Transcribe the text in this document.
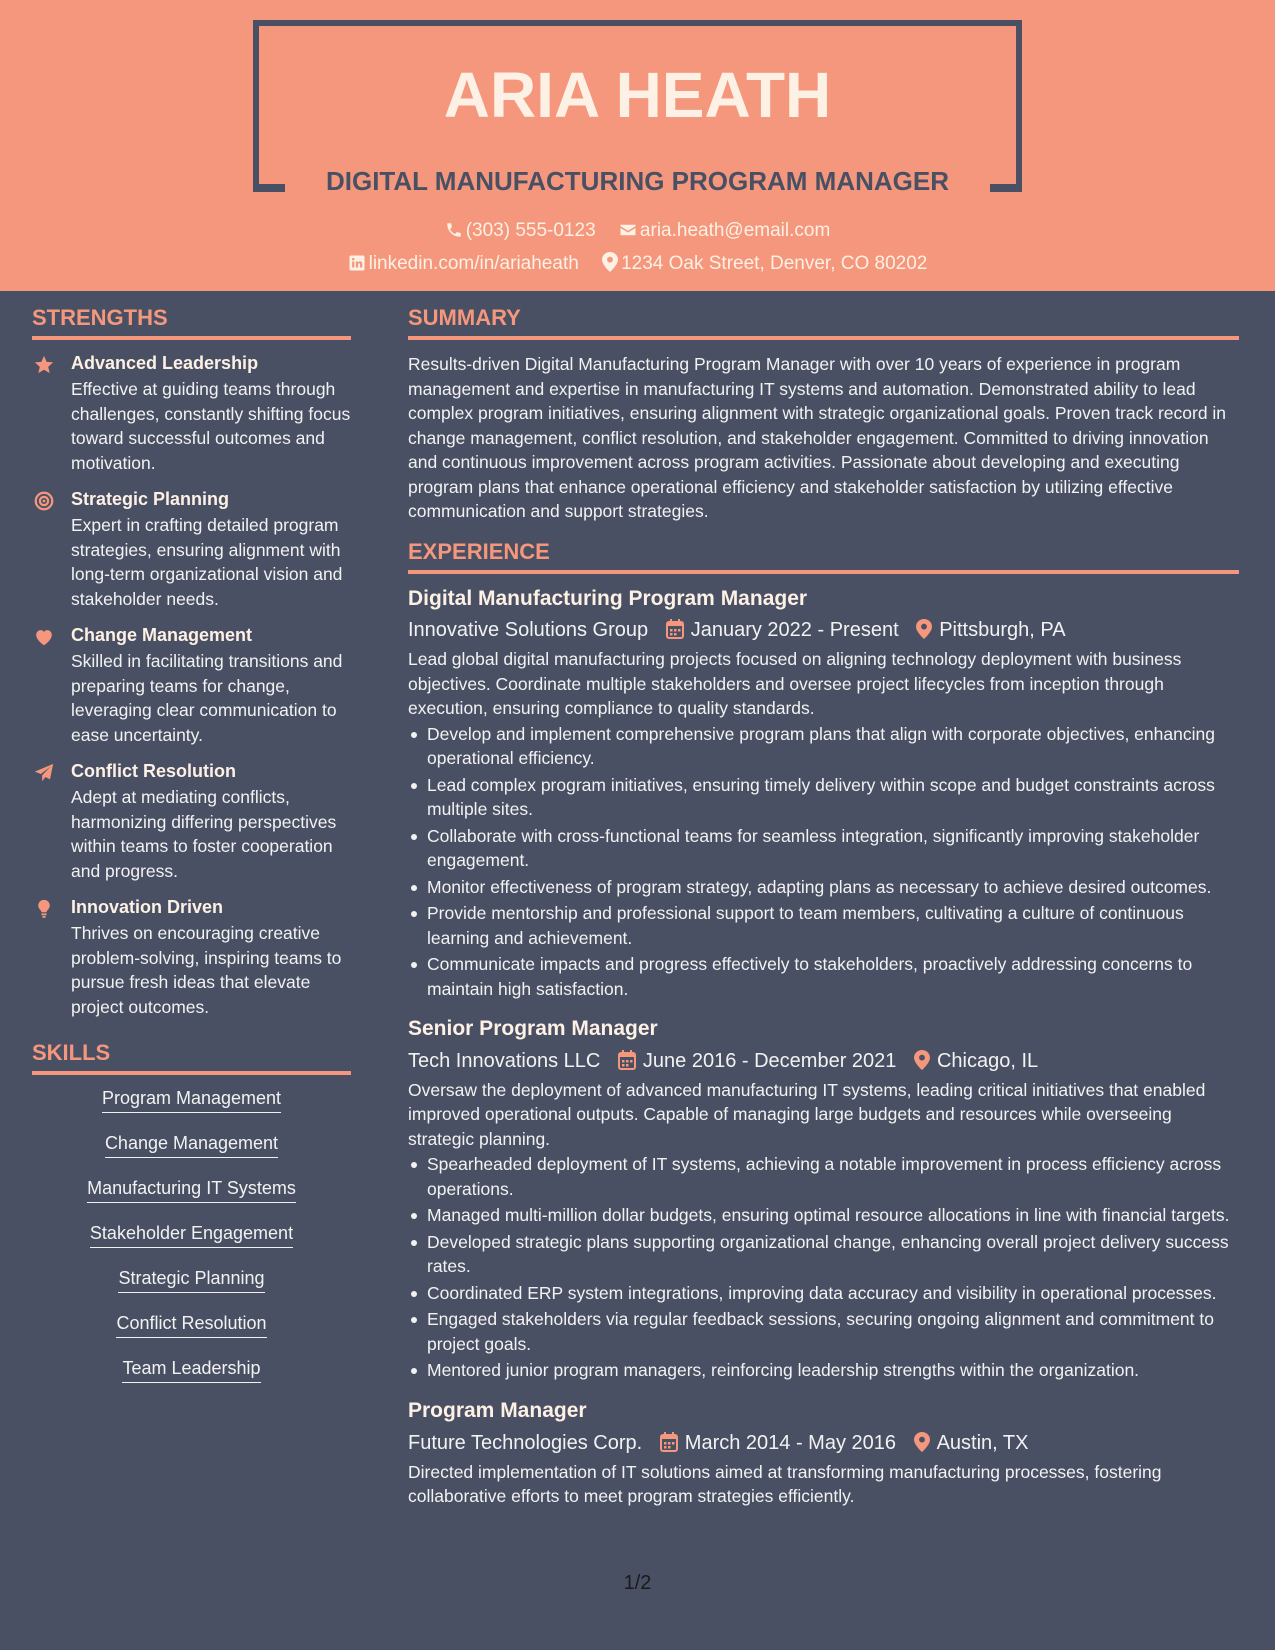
ARIA HEATH
DIGITAL MANUFACTURING PROGRAM MANAGER
(303) 555-0123 aria.heath@email.com
linkedin.com/in/ariaheath 1234 Oak Street, Denver, CO 80202
STRENGTHS
Advanced Leadership
Effective at guiding teams through challenges, constantly shifting focus toward successful outcomes and motivation.
Strategic Planning
Expert in crafting detailed program strategies, ensuring alignment with long-term organizational vision and stakeholder needs.
Change Management
Skilled in facilitating transitions and preparing teams for change, leveraging clear communication to ease uncertainty.
Conflict Resolution
Adept at mediating conflicts, harmonizing differing perspectives within teams to foster cooperation and progress.
Innovation Driven
Thrives on encouraging creative problem-solving, inspiring teams to pursue fresh ideas that elevate project outcomes.
SKILLS
Program Management
Change Management
Manufacturing IT Systems
Stakeholder Engagement
Strategic Planning
Conflict Resolution
Team Leadership
SUMMARY
Results-driven Digital Manufacturing Program Manager with over 10 years of experience in program management and expertise in manufacturing IT systems and automation. Demonstrated ability to lead complex program initiatives, ensuring alignment with strategic organizational goals. Proven track record in change management, conflict resolution, and stakeholder engagement. Committed to driving innovation and continuous improvement across program activities. Passionate about developing and executing program plans that enhance operational efficiency and stakeholder satisfaction by utilizing effective communication and support strategies.
EXPERIENCE
Digital Manufacturing Program Manager
Innovative Solutions Group January 2022 - Present Pittsburgh, PA
Lead global digital manufacturing projects focused on aligning technology deployment with business objectives. Coordinate multiple stakeholders and oversee project lifecycles from inception through execution, ensuring compliance to quality standards.
Develop and implement comprehensive program plans that align with corporate objectives, enhancing operational efficiency.
Lead complex program initiatives, ensuring timely delivery within scope and budget constraints across multiple sites.
Collaborate with cross-functional teams for seamless integration, significantly improving stakeholder engagement.
Monitor effectiveness of program strategy, adapting plans as necessary to achieve desired outcomes.
Provide mentorship and professional support to team members, cultivating a culture of continuous learning and achievement.
Communicate impacts and progress effectively to stakeholders, proactively addressing concerns to maintain high satisfaction.
Senior Program Manager
Tech Innovations LLC June 2016 - December 2021 Chicago, IL
Oversaw the deployment of advanced manufacturing IT systems, leading critical initiatives that enabled improved operational outputs. Capable of managing large budgets and resources while overseeing strategic planning.
Spearheaded deployment of IT systems, achieving a notable improvement in process efficiency across operations.
Managed multi-million dollar budgets, ensuring optimal resource allocations in line with financial targets.
Developed strategic plans supporting organizational change, enhancing overall project delivery success rates.
Coordinated ERP system integrations, improving data accuracy and visibility in operational processes.
Engaged stakeholders via regular feedback sessions, securing ongoing alignment and commitment to project goals.
Mentored junior program managers, reinforcing leadership strengths within the organization.
Program Manager
Future Technologies Corp. March 2014 - May 2016 Austin, TX
Directed implementation of IT solutions aimed at transforming manufacturing processes, fostering collaborative efforts to meet program strategies efficiently.
1/2
